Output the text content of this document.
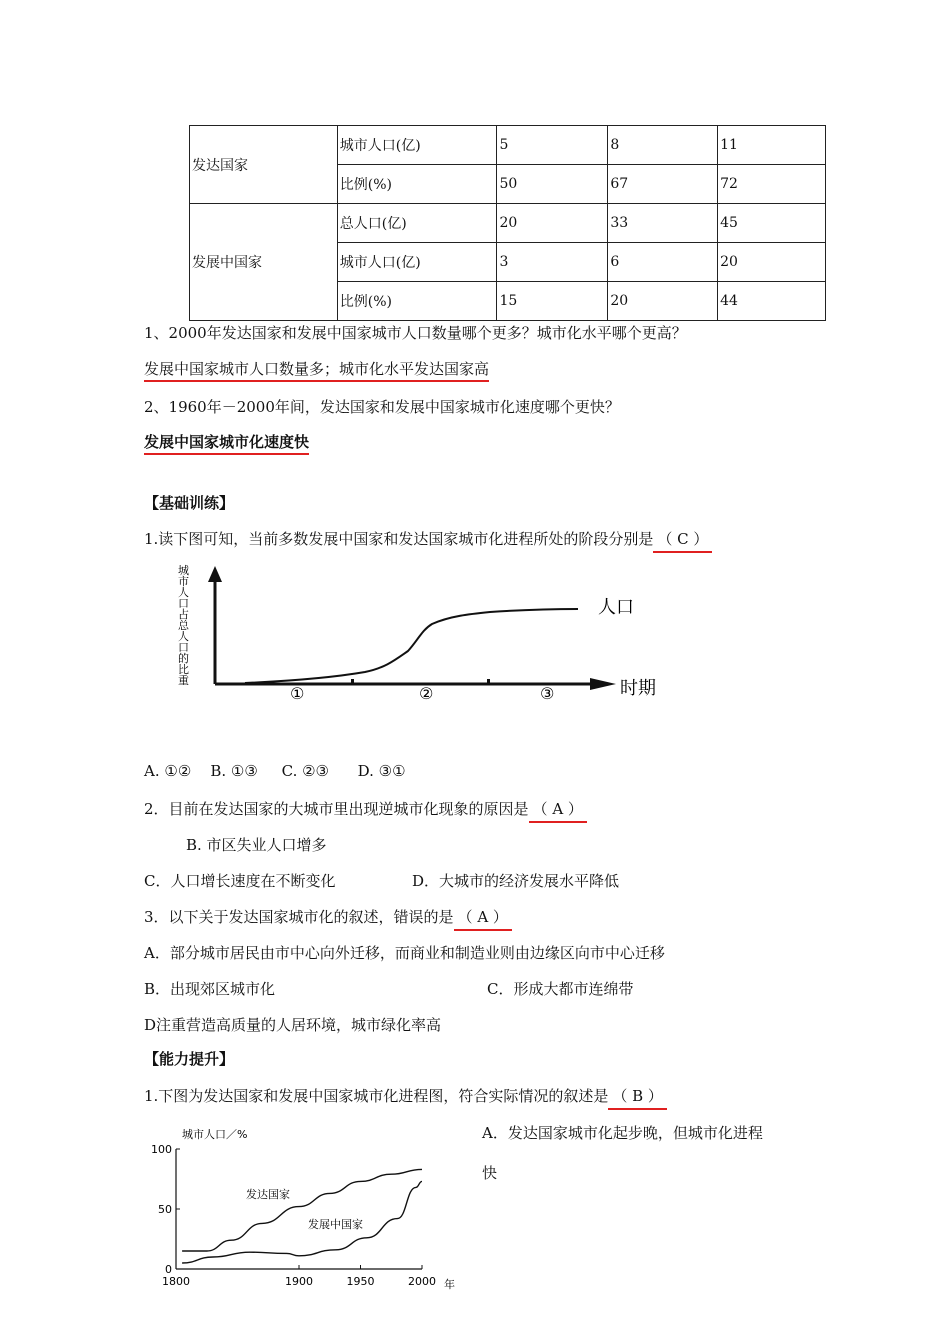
发达国家	城市人口(亿)	5	8	11
	比例(%)	50	67	72
发展中国家	总人口(亿)	20	33	45
	城市人口(亿)	3	6	20
	比例(%)	15	20	44
1、2000年发达国家和发展中国家城市人口数量哪个更多？城市化水平哪个更高？
发展中国家城市人口数量多；城市化水平发达国家高
2、1960年－2000年间，发达国家和发展中国家城市化速度哪个更快？
发展中国家城市化速度快
【基础训练】
1.读下图可知，当前多数发展中国家和发达国家城市化进程所处的阶段分别是 （ C ）
城
市
人
口
占
总
人
口
的
比
重
人口
时期
①	②	③
A. ①②    B. ①③     C. ②③      D. ③①
2．目前在发达国家的大城市里出现逆城市化现象的原因是 （ A ）
B. 市区失业人口增多
C．人口增长速度在不断变化	D．大城市的经济发展水平降低
3．以下关于发达国家城市化的叙述，错误的是 （ A ）
A．部分城市居民由市中心向外迁移，而商业和制造业则由边缘区向市中心迁移
B．出现郊区城市化	C．形成大都市连绵带
D注重营造高质量的人居环境，城市绿化率高
【能力提升】
1.下图为发达国家和发展中国家城市化进程图，符合实际情况的叙述是 （ B ）
A．发达国家城市化起步晚，但城市化进程
快
城市人口／%
0
50
100
1800	1900	1950	2000
发达国家
发展中国家
年
